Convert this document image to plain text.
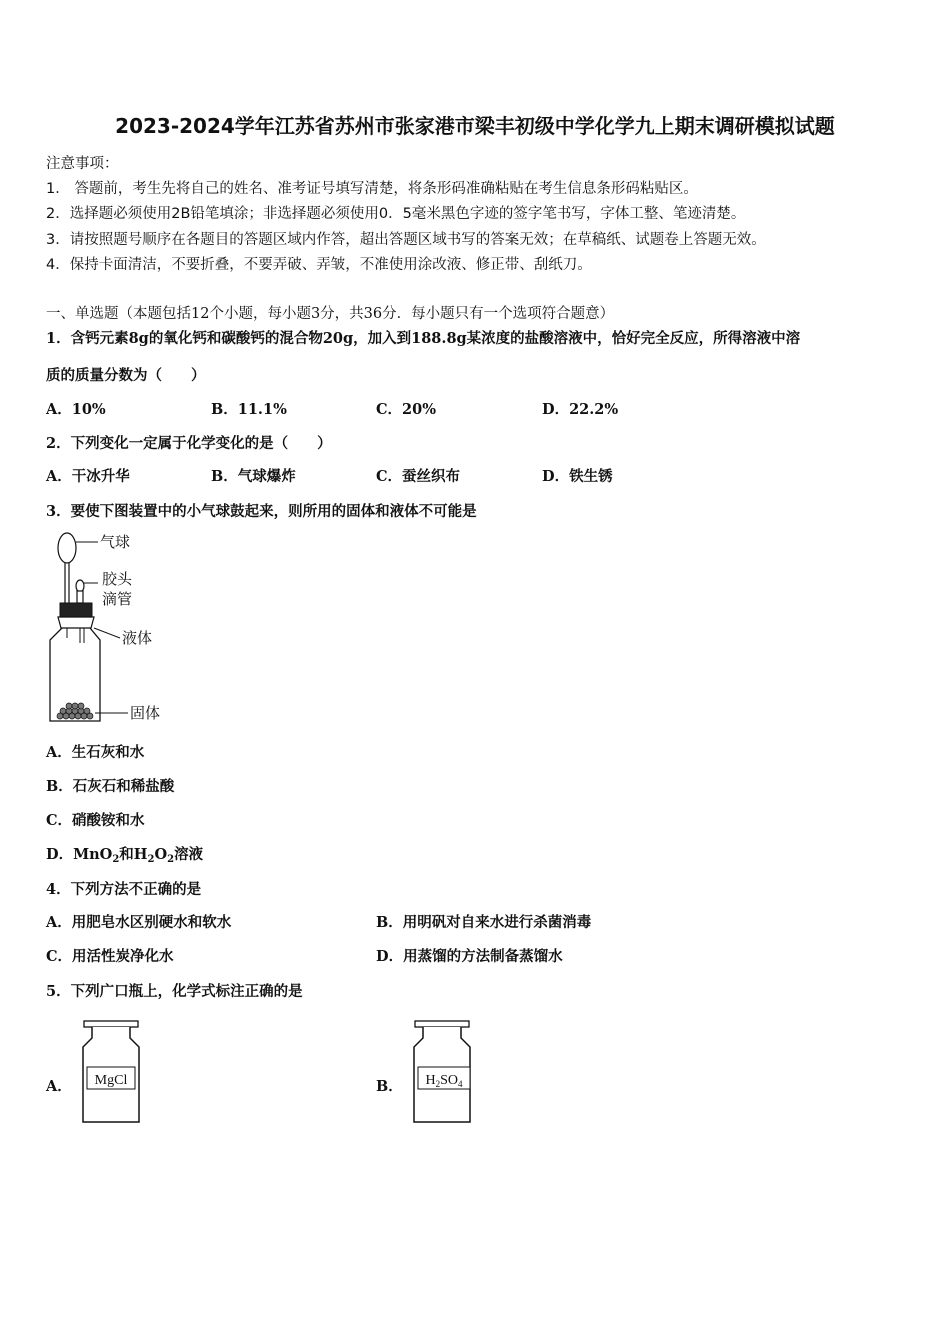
2023-2024学年江苏省苏州市张家港市梁丰初级中学化学九上期末调研模拟试题
注意事项：
1． 答题前，考生先将自己的姓名、准考证号填写清楚，将条形码准确粘贴在考生信息条形码粘贴区。
2．选择题必须使用2B铅笔填涂；非选择题必须使用0．5毫米黑色字迹的签字笔书写，字体工整、笔迹清楚。
3．请按照题号顺序在各题目的答题区域内作答，超出答题区域书写的答案无效；在草稿纸、试题卷上答题无效。
4．保持卡面清洁，不要折叠，不要弄破、弄皱，不准使用涂改液、修正带、刮纸刀。
一、单选题（本题包括12个小题，每小题3分，共36分．每小题只有一个选项符合题意）
1．含钙元素8g的氧化钙和碳酸钙的混合物20g，加入到188.8g某浓度的盐酸溶液中，恰好完全反应，所得溶液中溶
质的质量分数为（　　）
A．10%	B．11.1%	C．20%	D．22.2%
2．下列变化一定属于化学变化的是（　　）
A．干冰升华	B．气球爆炸	C．蚕丝织布	D．铁生锈
3．要使下图装置中的小气球鼓起来，则所用的固体和液体不可能是
气球
胶头
滴管
液体
固体
A．生石灰和水
B．石灰石和稀盐酸
C．硝酸铵和水
D．MnO$_2$和$H_2O_2$溶液
4．下列方法不正确的是
A．用肥皂水区别硬水和软水	B．用明矾对自来水进行杀菌消毒
C．用活性炭净化水	D．用蒸馏的方法制备蒸馏水
5．下列广口瓶上，化学式标注正确的是
A． MgCl	B． $H_2SO_4$
